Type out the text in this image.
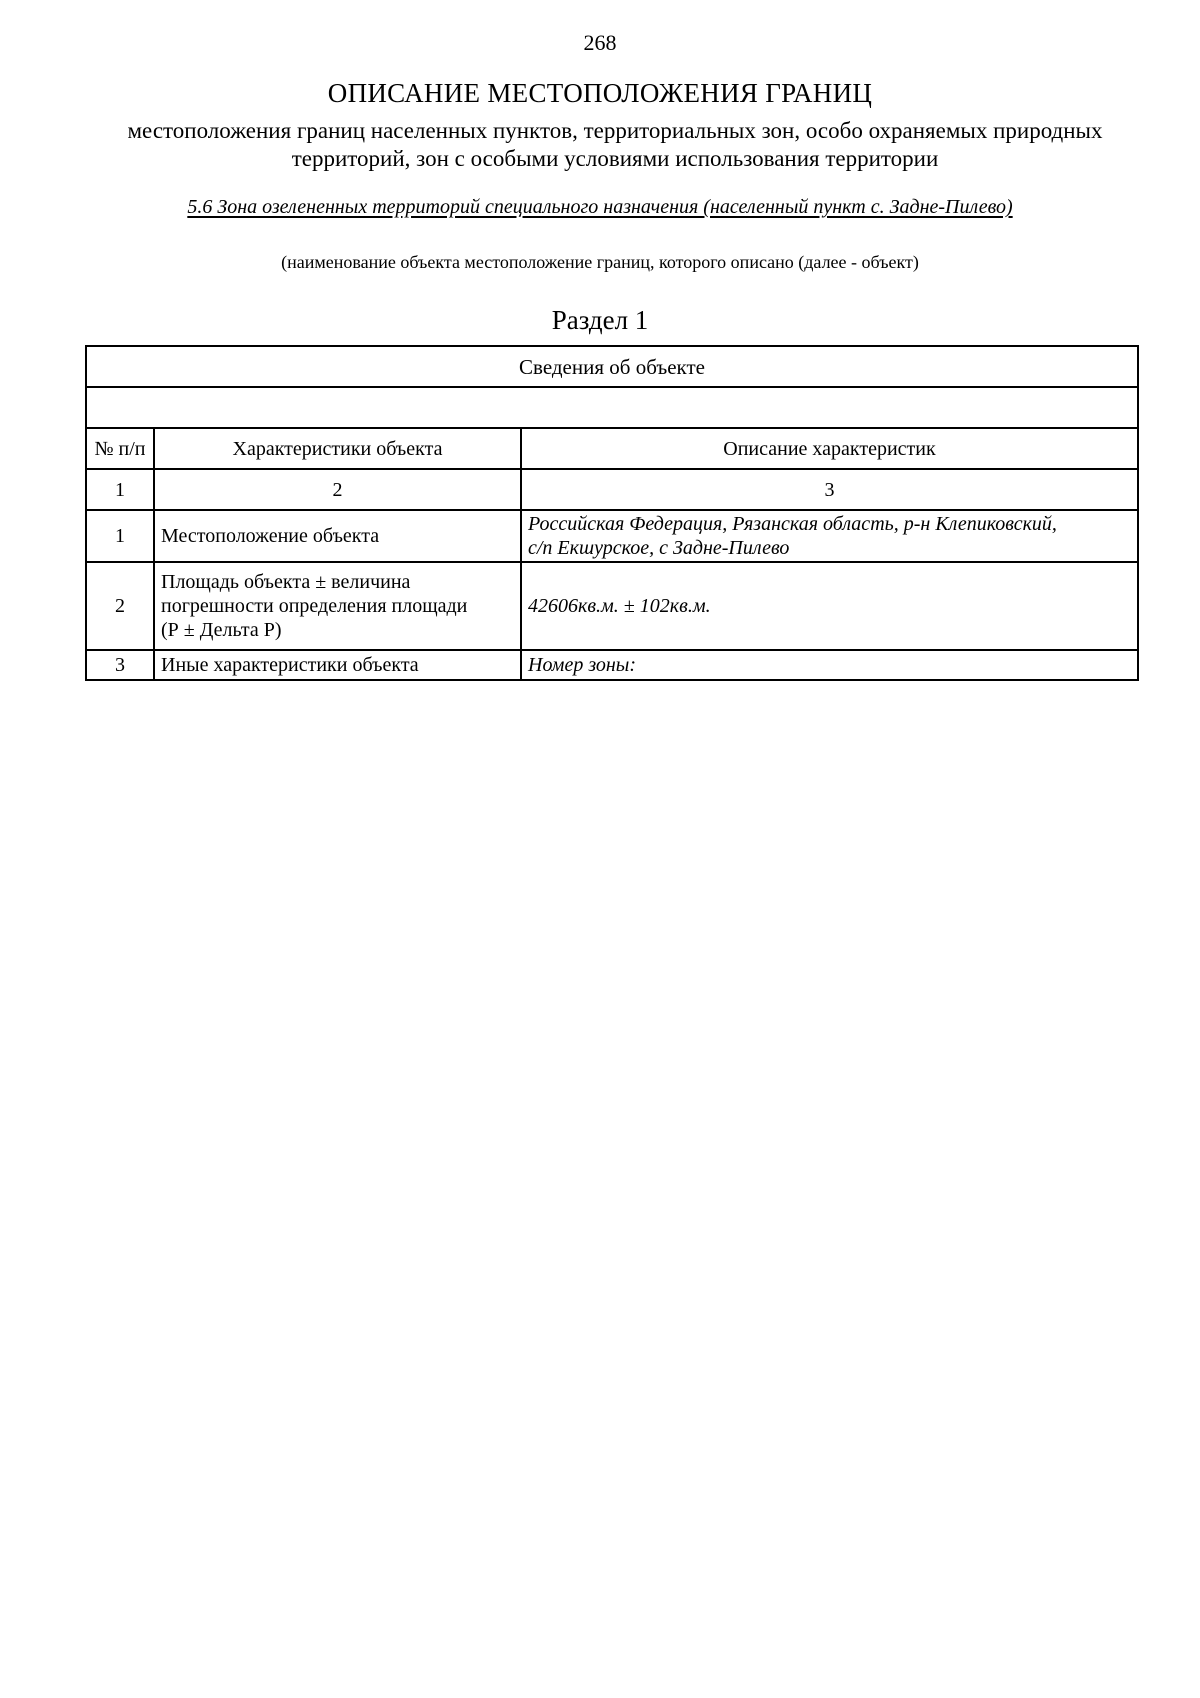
268
ОПИСАНИЕ МЕСТОПОЛОЖЕНИЯ ГРАНИЦ
местоположения границ населенных пунктов, территориальных зон, особо охраняемых природных
территорий, зон с особыми условиями использования территории
5.6 Зона озелененных территорий специального назначения (населенный пункт с. Задне-Пилево)
(наименование объекта местоположение границ, которого описано (далее - объект)
Раздел 1
Сведения об объекте		

№ п/п	Характеристики объекта	Описание характеристик
1	2	3
1	Местоположение объекта	Российская Федерация, Рязанская область, р-н Клепиковский,
с/п Екшурское, с Задне-Пилево

2	Площадь объекта ± величина
погрешности определения площади
(Р ± Дельта Р)	42606кв.м. ± 102кв.м.
3	Иные характеристики объекта	Номер зоны:
